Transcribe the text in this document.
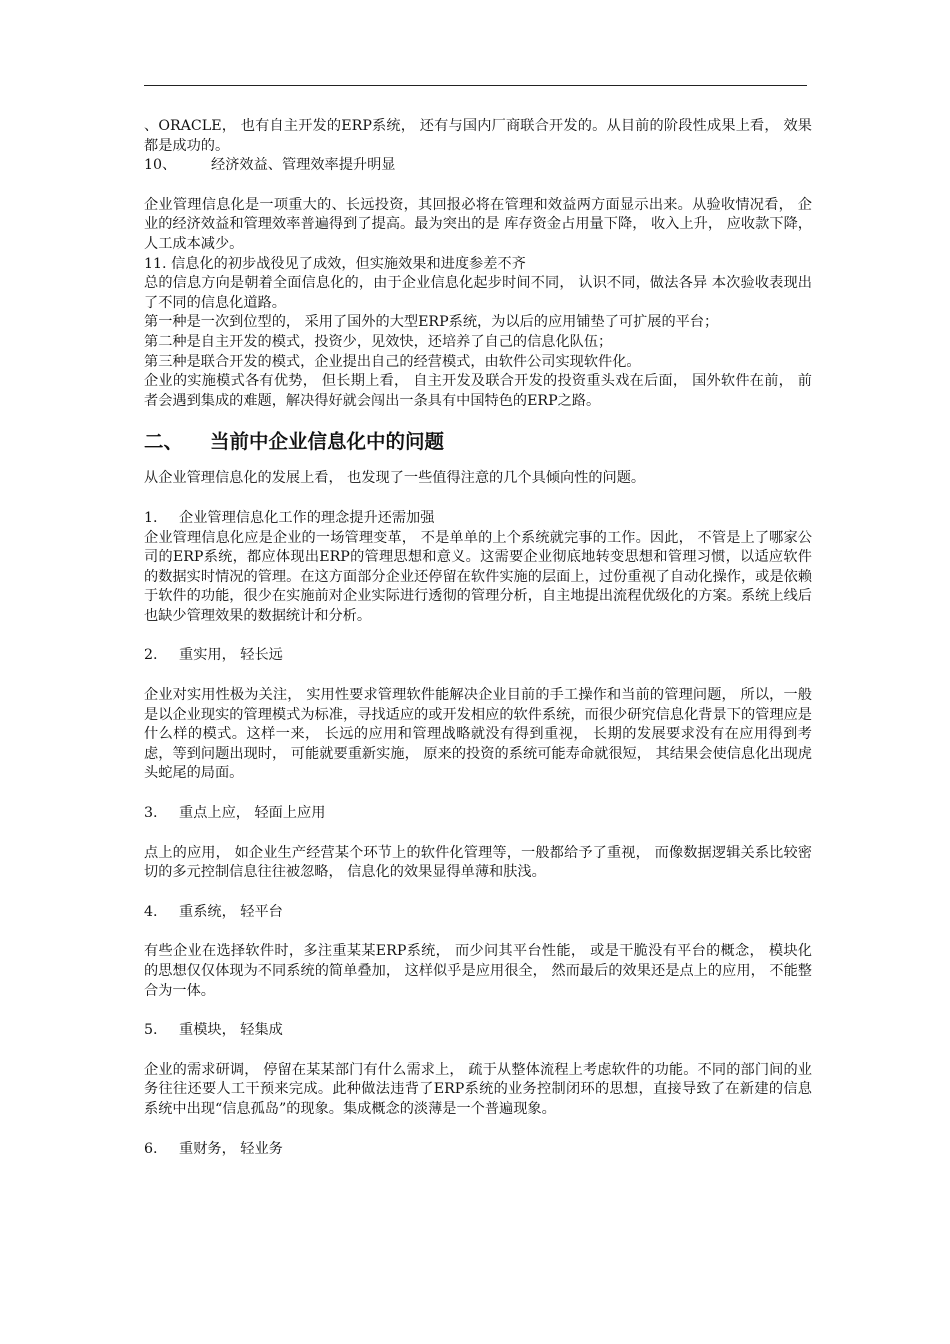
、ORACLE， 也有自主开发的ERP系统， 还有与国内厂商联合开发的。从目前的阶段性成果上看， 效果都是成功的。

10、	经济效益、管理效率提升明显

企业管理信息化是一项重大的、长远投资，其回报必将在管理和效益两方面显示出来。从验收情况看， 企业的经济效益和管理效率普遍得到了提高。最为突出的是 库存资金占用量下降， 收入上升， 应收款下降，人工成本减少。

11. 信息化的初步战役见了成效，但实施效果和进度参差不齐

总的信息方向是朝着全面信息化的，由于企业信息化起步时间不同， 认识不同，做法各异 本次验收表现出了不同的信息化道路。

第一种是一次到位型的， 采用了国外的大型ERP系统，为以后的应用铺垫了可扩展的平台；

第二种是自主开发的模式，投资少，见效快，还培养了自己的信息化队伍；

第三种是联合开发的模式，企业提出自己的经营模式，由软件公司实现软件化。

企业的实施模式各有优势， 但长期上看， 自主开发及联合开发的投资重头戏在后面， 国外软件在前， 前者会遇到集成的难题，解决得好就会闯出一条具有中国特色的ERP之路。

二、	当前中企业信息化中的问题

从企业管理信息化的发展上看， 也发现了一些值得注意的几个具倾向性的问题。

1.	企业管理信息化工作的理念提升还需加强

企业管理信息化应是企业的一场管理变革， 不是单单的上个系统就完事的工作。因此， 不管是上了哪家公司的ERP系统，都应体现出ERP的管理思想和意义。这需要企业彻底地转变思想和管理习惯，以适应软件的数据实时情况的管理。在这方面部分企业还停留在软件实施的层面上，过份重视了自动化操作，或是依赖于软件的功能，很少在实施前对企业实际进行透彻的管理分析，自主地提出流程优级化的方案。系统上线后也缺少管理效果的数据统计和分析。

2.	重实用， 轻长远

企业对实用性极为关注， 实用性要求管理软件能解决企业目前的手工操作和当前的管理问题， 所以，一般是以企业现实的管理模式为标准，寻找适应的或开发相应的软件系统，而很少研究信息化背景下的管理应是什么样的模式。这样一来， 长远的应用和管理战略就没有得到重视， 长期的发展要求没有在应用得到考虑，等到问题出现时， 可能就要重新实施， 原来的投资的系统可能寿命就很短， 其结果会使信息化出现虎头蛇尾的局面。

3.	重点上应， 轻面上应用

点上的应用， 如企业生产经营某个环节上的软件化管理等，一般都给予了重视， 而像数据逻辑关系比较密切的多元控制信息往往被忽略， 信息化的效果显得单薄和肤浅。

4.	重系统， 轻平台

有些企业在选择软件时，多注重某某ERP系统， 而少问其平台性能， 或是干脆没有平台的概念， 模块化的思想仅仅体现为不同系统的简单叠加， 这样似乎是应用很全， 然而最后的效果还是点上的应用， 不能整合为一体。

5.	重模块， 轻集成

企业的需求研调， 停留在某某部门有什么需求上， 疏于从整体流程上考虑软件的功能。不同的部门间的业务往往还要人工干预来完成。此种做法违背了ERP系统的业务控制闭环的思想，直接导致了在新建的信息系统中出现“信息孤岛”的现象。集成概念的淡薄是一个普遍现象。

6.	重财务， 轻业务
